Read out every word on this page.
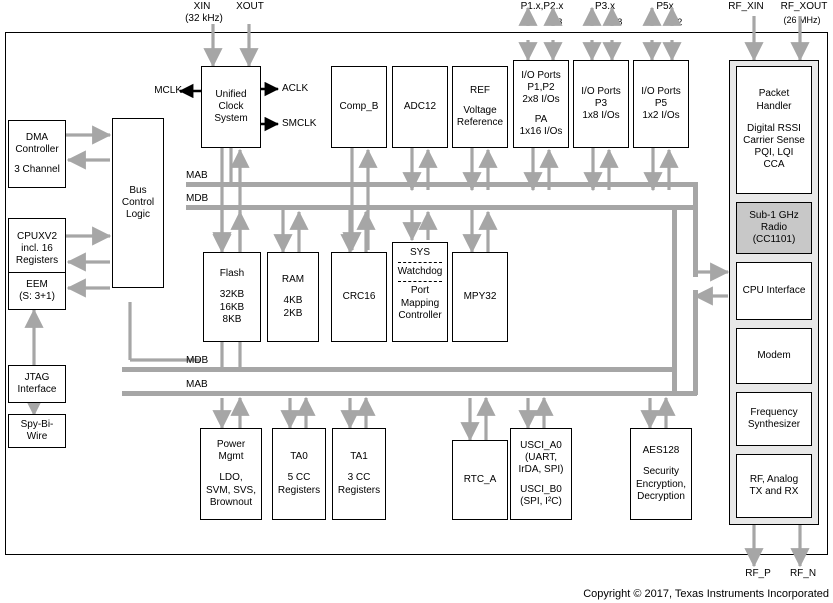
XIN
(32 kHz)
XOUT	P1.x,P2.x
2x8
P3.x
1x8
P5x
1x2
RF_XIN	RF_XOUT
(26 MHz)
RF_P	RF_N
MAB
MDB
MDB
MAB
MCLK	ACLK
SMCLK
DMA
Controller
3 Channel
CPUXV2
incl. 16
Registers
EEM
(S: 3+1)
JTAG
Interface
Spy-Bi-
Wire
Bus
Control
Logic
Unified
Clock
System
Comp_B	ADC12
REF
Voltage
Reference
I/O Ports
P1,P2
2x8 I/Os
PA
1x16 I/Os
I/O Ports
P3
1x8 I/Os
I/O Ports
P5
1x2 I/Os
Flash
32KB
16KB
8KB
RAM
4KB
2KB
CRC16
SYS
Watchdog
Port
Mapping
Controller
MPY32
Power
Mgmt
LDO,
SVM, SVS,
Brownout
TA0
5 CC
Registers
TA1
3 CC
Registers
RTC_A
USCI_A0
(UART,
IrDA, SPI)
USCI_B0
(SPI, I²C)
AES128
Security
Encryption,
Decryption
Packet
Handler
Digital RSSI
Carrier Sense
PQI, LQI
CCA
Sub-1 GHz
Radio
(CC1101)
CPU Interface
Modem
Frequency
Synthesizer
RF, Analog
TX and RX
Copyright © 2017, Texas Instruments Incorporated
